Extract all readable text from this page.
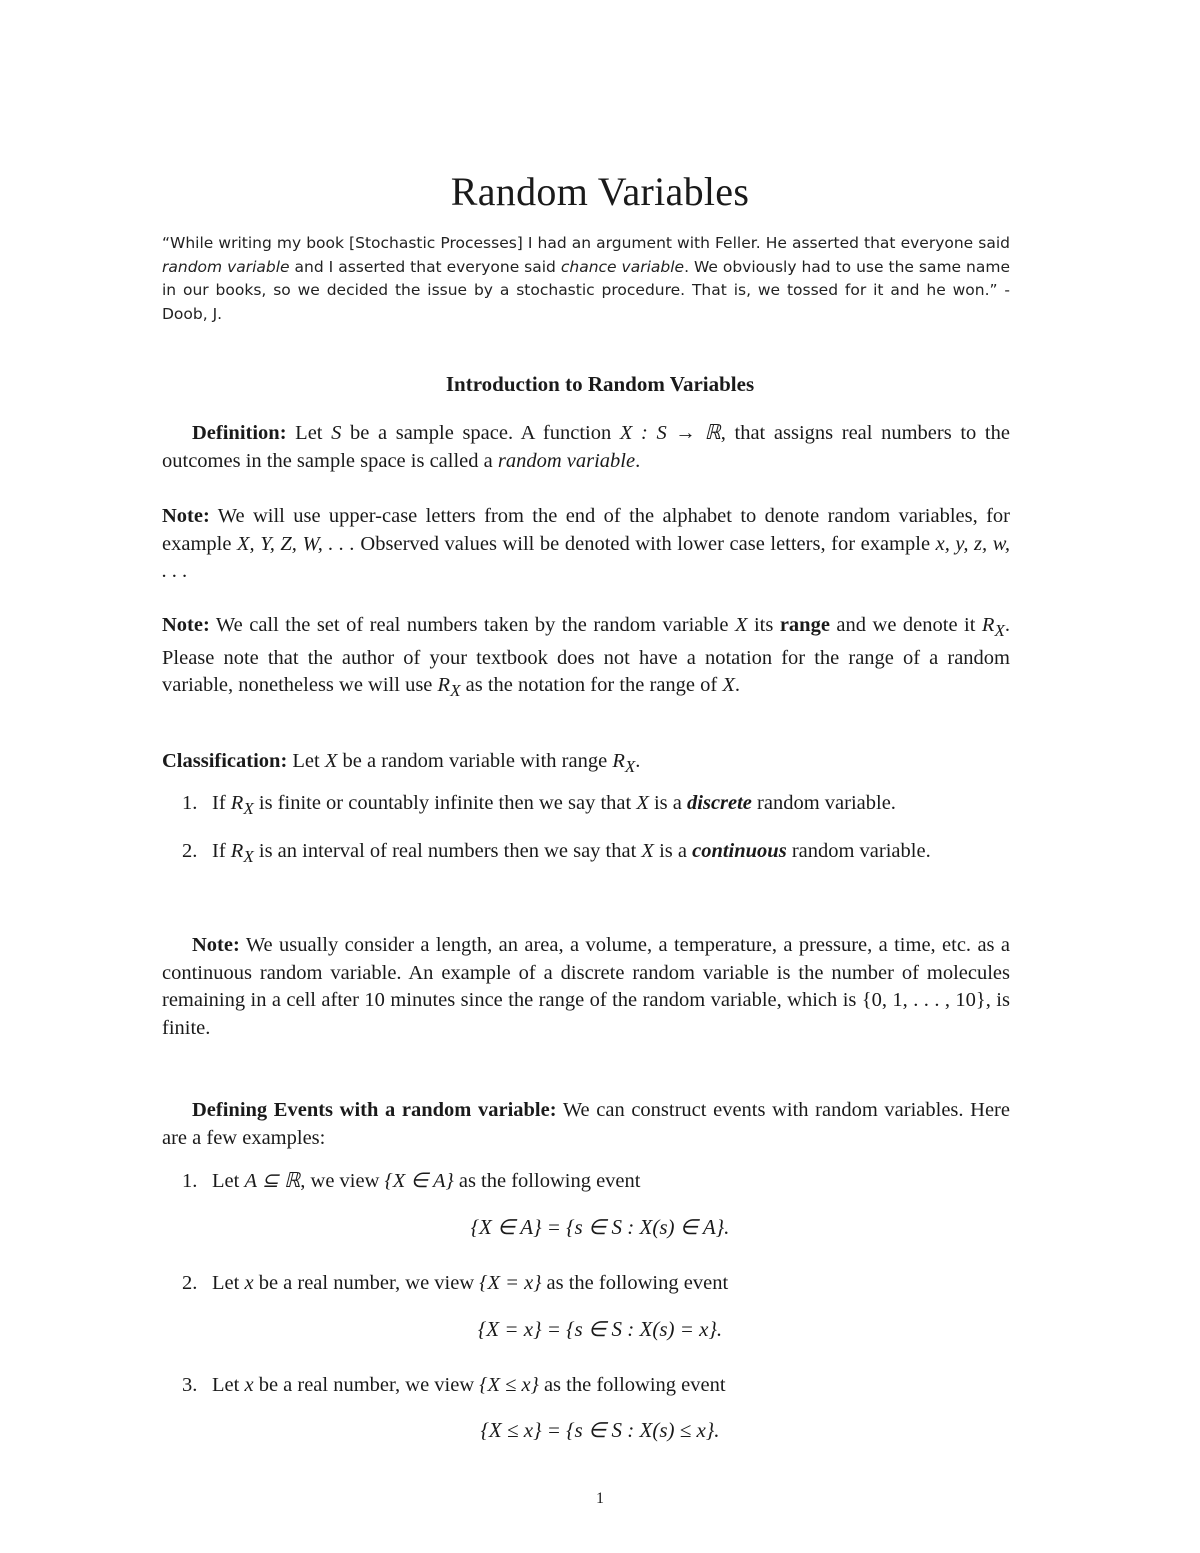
Random Variables
“While writing my book [Stochastic Processes] I had an argument with Feller. He asserted that everyone said random variable and I asserted that everyone said chance variable. We obviously had to use the same name in our books, so we decided the issue by a stochastic procedure. That is, we tossed for it and he won.” - Doob, J.
Introduction to Random Variables
Definition: Let S be a sample space. A function X : S → ℝ, that assigns real numbers to the outcomes in the sample space is called a random variable.
Note: We will use upper-case letters from the end of the alphabet to denote random variables, for example X, Y, Z, W, . . . Observed values will be denoted with lower case letters, for example x, y, z, w, . . .
Note: We call the set of real numbers taken by the random variable X its range and we denote it $R_X$. Please note that the author of your textbook does not have a notation for the range of a random variable, nonetheless we will use $R_X$ as the notation for the range of X.
Classification: Let X be a random variable with range $R_X$.
1. If $R_X$ is finite or countably infinite then we say that X is a discrete random variable.
2. If $R_X$ is an interval of real numbers then we say that X is a continuous random variable.
Note: We usually consider a length, an area, a volume, a temperature, a pressure, a time, etc. as a continuous random variable. An example of a discrete random variable is the number of molecules remaining in a cell after 10 minutes since the range of the random variable, which is {0, 1, . . . , 10}, is finite.
Defining Events with a random variable: We can construct events with random variables. Here are a few examples:
1. Let A ⊆ ℝ, we view {X ∈ A} as the following event
{X ∈ A} = {s ∈ S : X(s) ∈ A}.
2. Let x be a real number, we view {X = x} as the following event
{X = x} = {s ∈ S : X(s) = x}.
3. Let x be a real number, we view {X ≤ x} as the following event
{X ≤ x} = {s ∈ S : X(s) ≤ x}.
1
